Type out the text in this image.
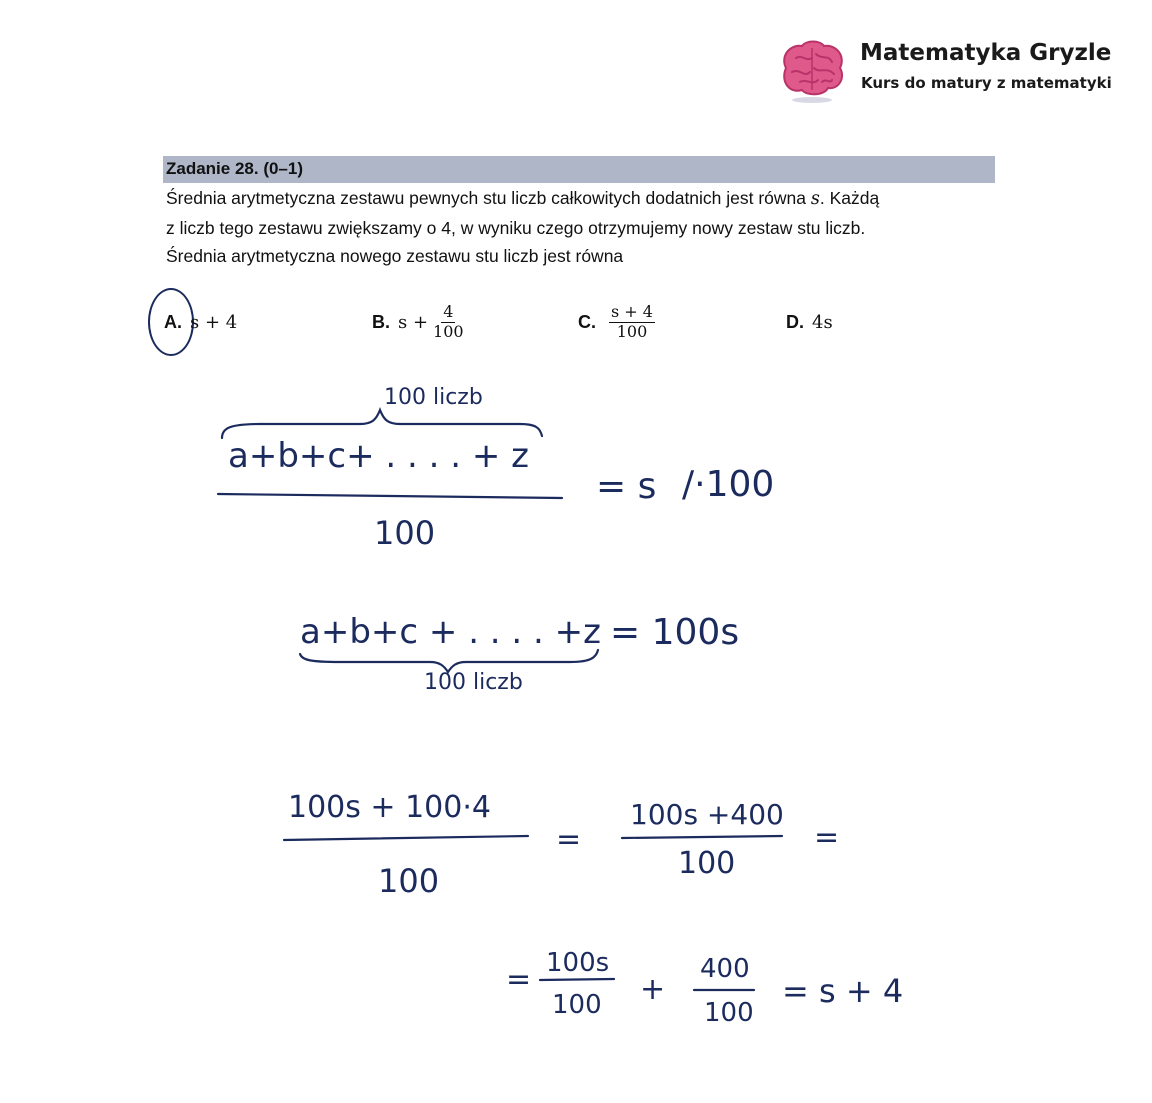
Matematyka Gryzle
Kurs do matury z matematyki
Zadanie 28. (0–1)
Średnia arytmetyczna zestawu pewnych stu liczb całkowitych dodatnich jest równa s. Każdą
z liczb tego zestawu zwiększamy o 4, w wyniku czego otrzymujemy nowy zestaw stu liczb.
Średnia arytmetyczna nowego zestawu stu liczb jest równa
A. s + 4	B. $s + \frac{4}{100}$	C. $\frac{s + 4}{100}$	D. 4s
100 liczb
a+b+c+ . . . . + z
100
= s /·100
a+b+c + . . . . +z = 100s
100 liczb
100s + 100·4
100
=
100s +400
100
=
= 100s
100 +
400
100
= s + 4
